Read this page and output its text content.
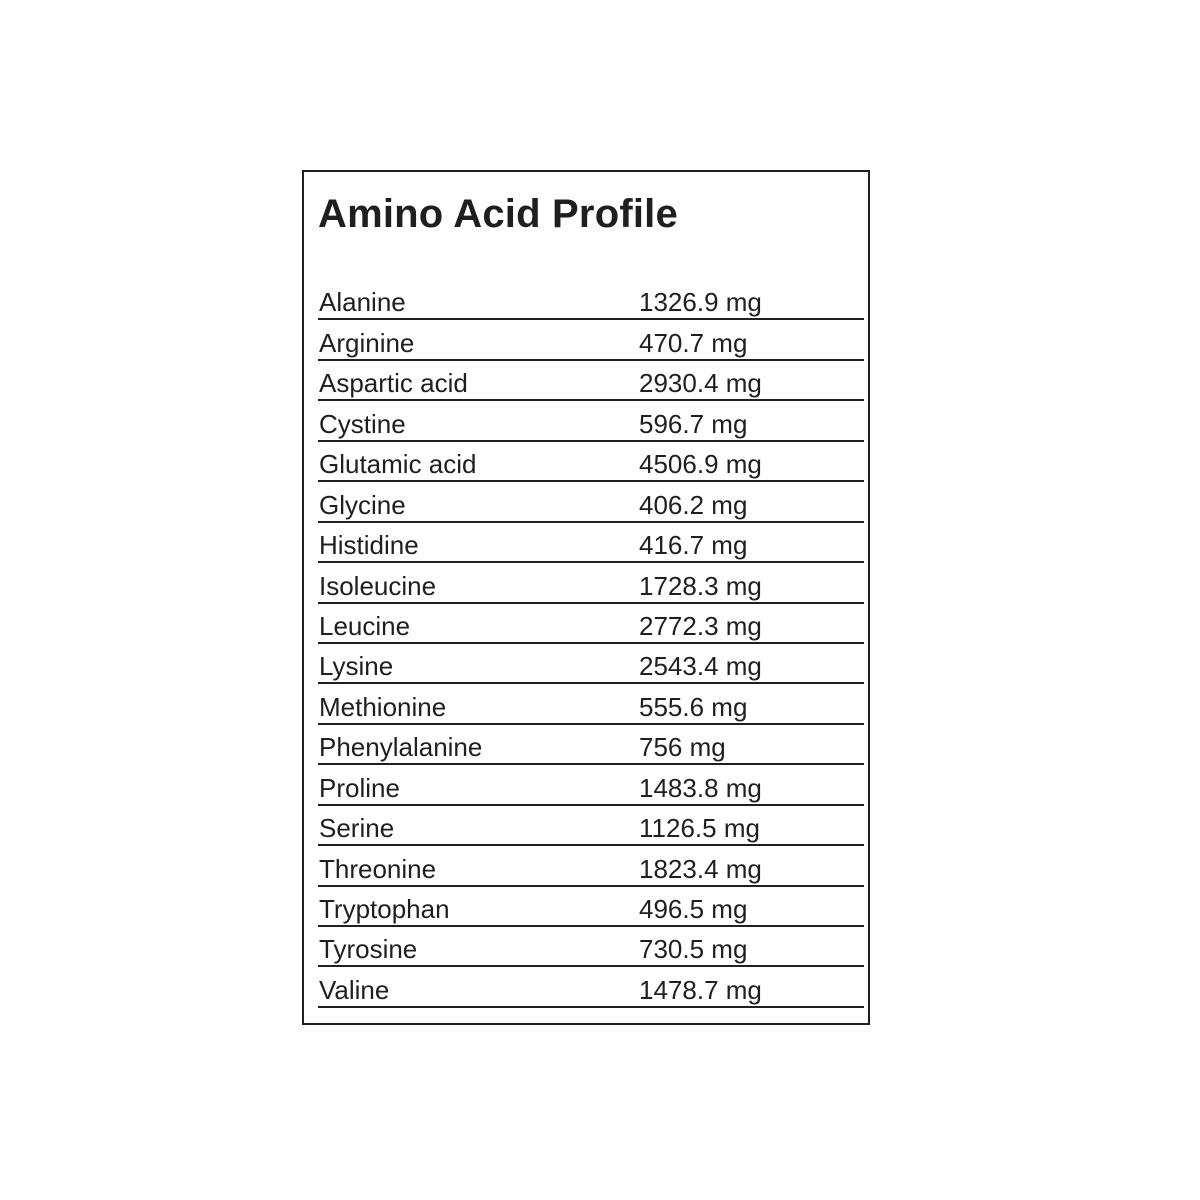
Amino Acid Profile
Alanine	1326.9 mg
Arginine	470.7 mg
Aspartic acid	2930.4 mg
Cystine	596.7 mg
Glutamic acid	4506.9 mg
Glycine	406.2 mg
Histidine	416.7 mg
Isoleucine	1728.3 mg
Leucine	2772.3 mg
Lysine	2543.4 mg
Methionine	555.6 mg
Phenylalanine	756 mg
Proline	1483.8 mg
Serine	1126.5 mg
Threonine	1823.4 mg
Tryptophan	496.5 mg
Tyrosine	730.5 mg
Valine	1478.7 mg
